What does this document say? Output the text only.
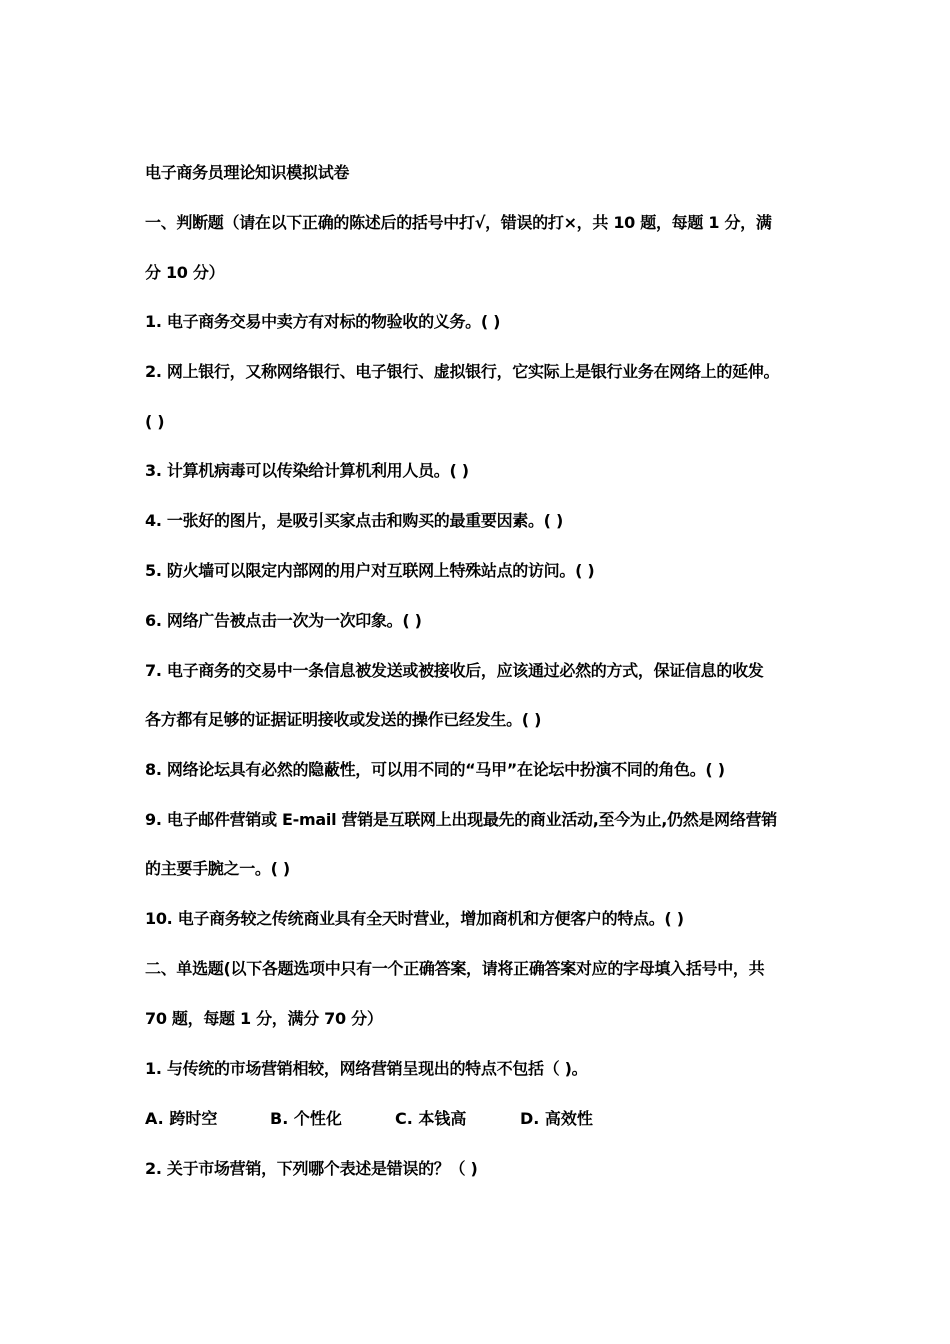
电子商务员理论知识模拟试卷
一、判断题（请在以下正确的陈述后的括号中打√，错误的打×，共 10 题，每题 1 分，满
分 10 分）
1. 电子商务交易中卖方有对标的物验收的义务。( )
2. 网上银行，又称网络银行、电子银行、虚拟银行，它实际上是银行业务在网络上的延伸。
( )
3. 计算机病毒可以传染给计算机利用人员。( )
4. 一张好的图片，是吸引买家点击和购买的最重要因素。( )
5. 防火墙可以限定内部网的用户对互联网上特殊站点的访问。( )
6. 网络广告被点击一次为一次印象。( )
7. 电子商务的交易中一条信息被发送或被接收后，应该通过必然的方式，保证信息的收发
各方都有足够的证据证明接收或发送的操作已经发生。( )
8. 网络论坛具有必然的隐蔽性，可以用不同的“马甲”在论坛中扮演不同的角色。( )
9. 电子邮件营销或 E-mail 营销是互联网上出现最先的商业活动,至今为止,仍然是网络营销
的主要手腕之一。( )
10. 电子商务较之传统商业具有全天时营业，增加商机和方便客户的特点。( )
二、单选题(以下各题选项中只有一个正确答案，请将正确答案对应的字母填入括号中，共
70 题，每题 1 分，满分 70 分）
1. 与传统的市场营销相较，网络营销呈现出的特点不包括（ )。
A. 跨时空	B. 个性化	C. 本钱高	D. 高效性
2. 关于市场营销，下列哪个表述是错误的？（ )
